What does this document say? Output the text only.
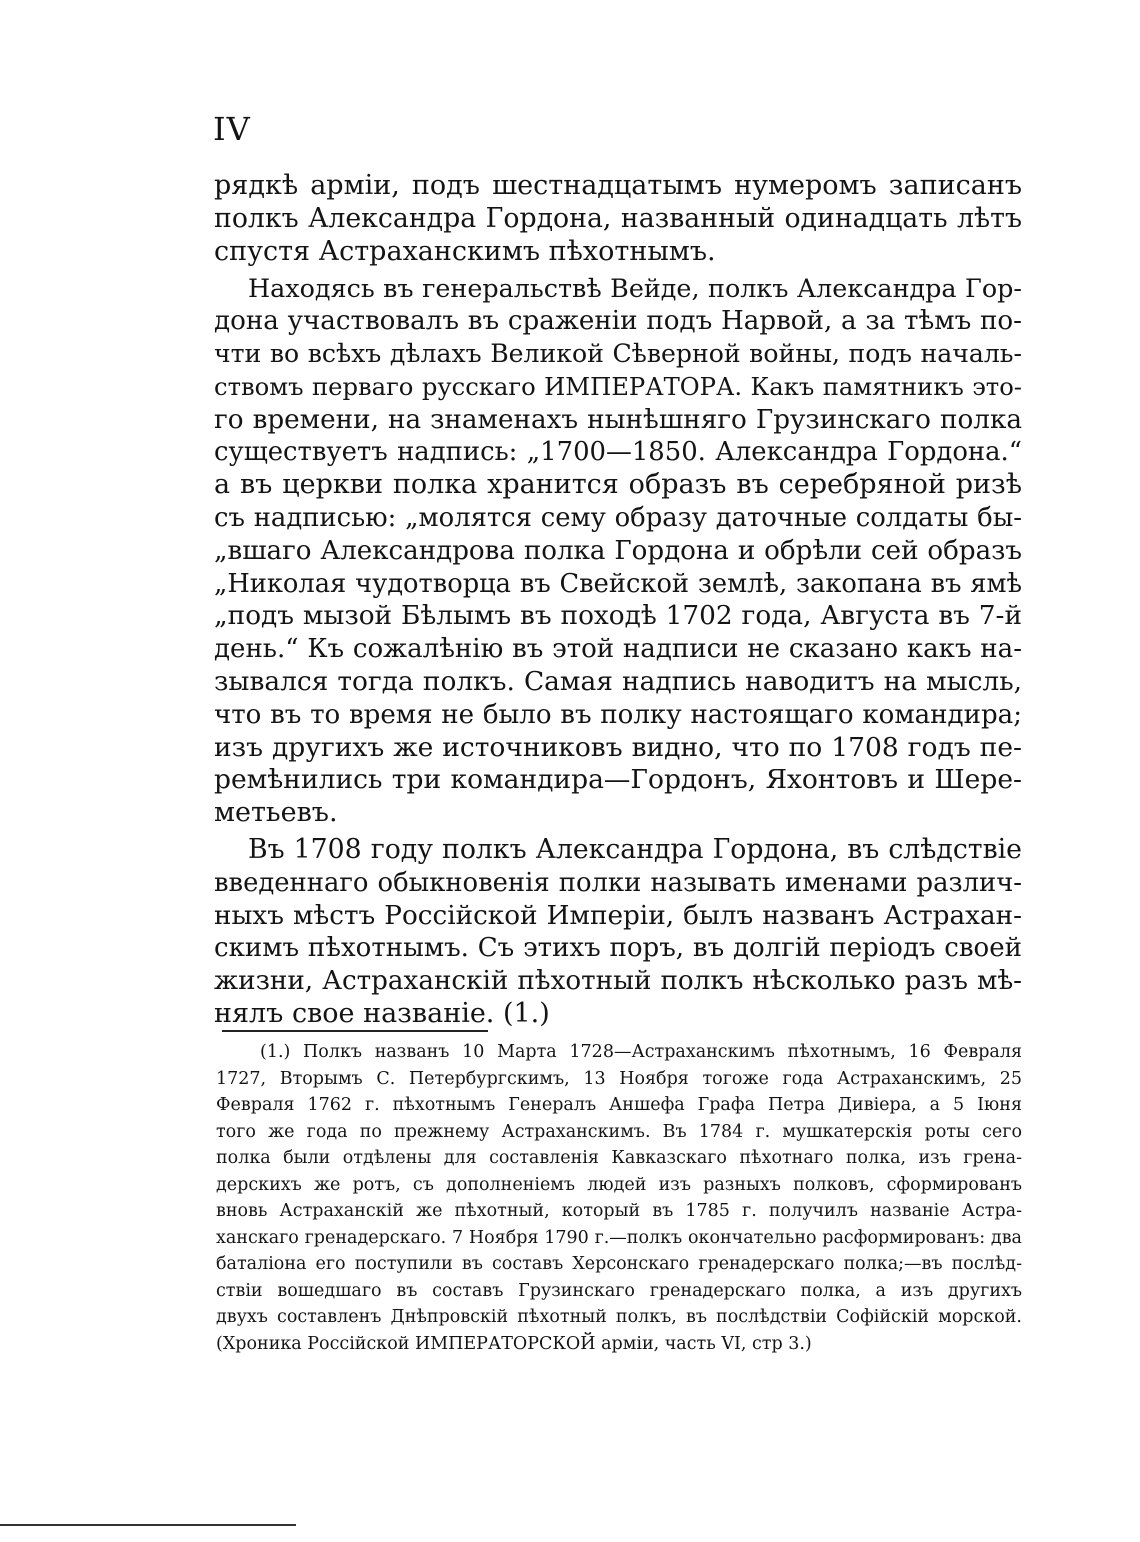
IV
рядкѣ арміи, подъ шестнадцатымъ нумеромъ записанъ
полкъ Александра Гордона, названный одинадцать лѣтъ
спустя Астраханскимъ пѣхотнымъ.
Находясь въ генеральствѣ Вейде, полкъ Александра Гор-
дона участвовалъ въ сраженіи подъ Нарвой, а за тѣмъ по-
чти во всѣхъ дѣлахъ Великой Сѣверной войны, подъ началь-
ствомъ перваго русскаго ИМПЕРАТОРА. Какъ памятникъ это-
го времени, на знаменахъ нынѣшняго Грузинскаго полка
существуетъ надпись: „1700—1850. Александра Гордона.“
а въ церкви полка хранится образъ въ серебряной ризѣ
съ надписью: „молятся сему образу даточные солдаты бы-
„вшаго Александрова полка Гордона и обрѣли сей образъ
„Николая чудотворца въ Свейской землѣ, закопана въ ямѣ
„подъ мызой Бѣлымъ въ походѣ 1702 года, Августа въ 7-й
день.“ Къ сожалѣнію въ этой надписи не сказано какъ на-
зывался тогда полкъ. Самая надпись наводитъ на мысль,
что въ то время не было въ полку настоящаго командира;
изъ другихъ же источниковъ видно, что по 1708 годъ пе-
ремѣнились три командира—Гордонъ, Яхонтовъ и Шере-
метьевъ.
Въ 1708 году полкъ Александра Гордона, въ слѣдствіе
введеннаго обыкновенія полки называть именами различ-
ныхъ мѣстъ Россійской Имперіи, былъ названъ Астрахан-
скимъ пѣхотнымъ. Съ этихъ поръ, въ долгій періодъ своей
жизни, Астраханскій пѣхотный полкъ нѣсколько разъ мѣ-
нялъ свое названіе. (1.)
(1.) Полкъ названъ 10 Марта 1728—Астраханскимъ пѣхотнымъ, 16 Февраля
1727, Вторымъ С. Петербургскимъ, 13 Ноября тогоже года Астраханскимъ, 25
Февраля 1762 г. пѣхотнымъ Генералъ Аншефа Графа Петра Дивіера, а 5 Іюня
того же года по прежнему Астраханскимъ. Въ 1784 г. мушкатерскія роты сего
полка были отдѣлены для составленія Кавказскаго пѣхотнаго полка, изъ грена-
дерскихъ же ротъ, съ дополненіемъ людей изъ разныхъ полковъ, сформированъ
вновь Астраханскій же пѣхотный, который въ 1785 г. получилъ названіе Астра-
ханскаго гренадерскаго. 7 Ноября 1790 г.—полкъ окончательно расформированъ: два
баталіона его поступили въ составъ Херсонскаго гренадерскаго полка;—въ послѣд-
ствіи вошедшаго въ составъ Грузинскаго гренадерскаго полка, а изъ другихъ
двухъ составленъ Днѣпровскій пѣхотный полкъ, въ послѣдствіи Софійскій морской.
(Хроника Россійской ИМПЕРАТОРСКОЙ арміи, часть VI, стр 3.)
